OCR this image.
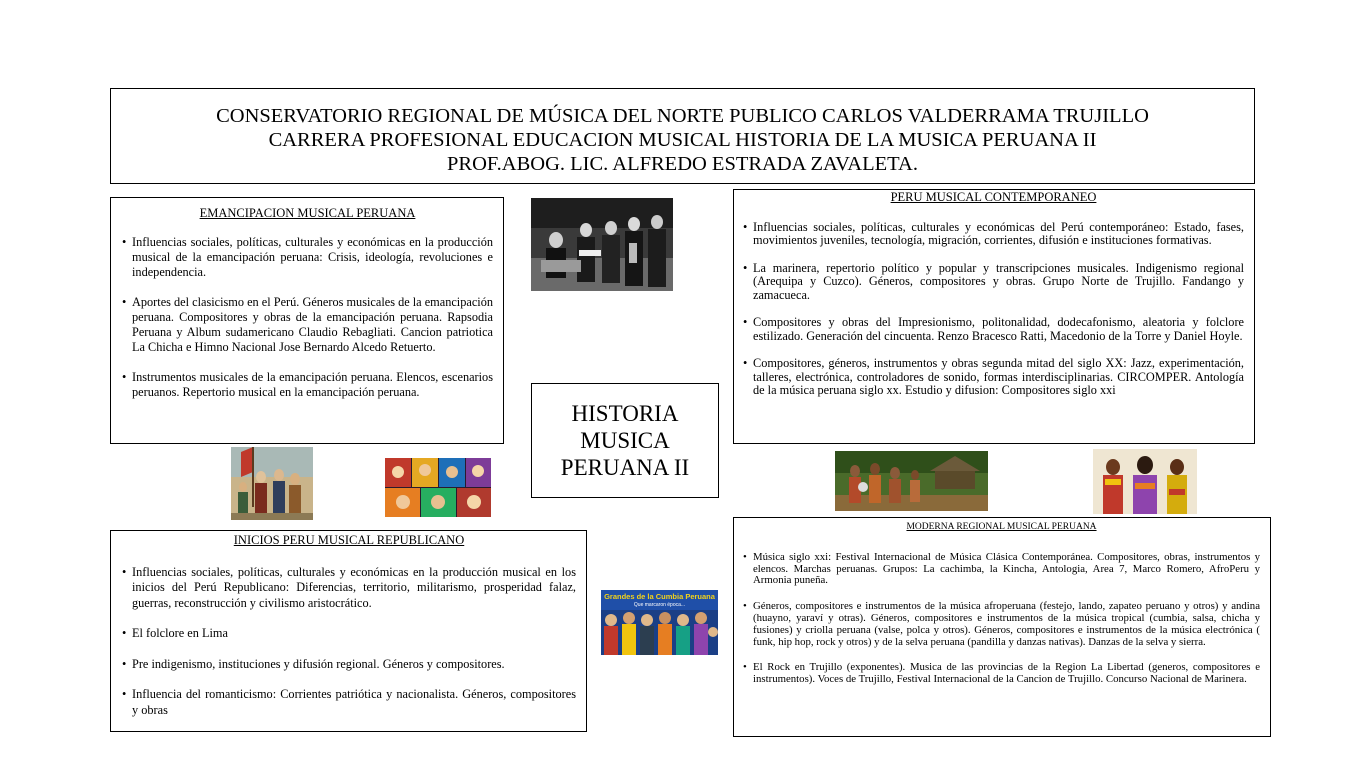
CONSERVATORIO REGIONAL DE MÚSICA DEL NORTE PUBLICO CARLOS VALDERRAMA TRUJILLO
CARRERA PROFESIONAL EDUCACION MUSICAL HISTORIA DE LA MUSICA PERUANA II
PROF.ABOG. LIC. ALFREDO ESTRADA ZAVALETA.

EMANCIPACION MUSICAL PERUANA

• Influencias sociales, políticas, culturales y económicas en la producción musical de la emancipación peruana: Crisis, ideología, revoluciones e independencia.
• Aportes del clasicismo en el Perú. Géneros musicales de la emancipación peruana. Compositores y obras de la emancipación peruana. Rapsodia Peruana y Album sudamericano Claudio Rebagliati. Cancion patriotica La Chicha e Himno Nacional Jose Bernardo Alcedo Retuerto.
• Instrumentos musicales de la emancipación peruana. Elencos, escenarios peruanos. Repertorio musical en la emancipación peruana.

PERU MUSICAL CONTEMPORANEO

• Influencias sociales, políticas, culturales y económicas del Perú contemporáneo: Estado, fases, movimientos juveniles, tecnología, migración, corrientes, difusión e instituciones formativas.
• La marinera, repertorio político y popular y transcripciones musicales. Indigenismo regional (Arequipa y Cuzco). Géneros, compositores y obras. Grupo Norte de Trujillo. Fandango y zamacueca.
• Compositores y obras del Impresionismo, politonalidad, dodecafonismo, aleatoria y folclore estilizado. Generación del cincuenta. Renzo Bracesco Ratti, Macedonio de la Torre y Daniel Hoyle.
• Compositores, géneros, instrumentos y obras segunda mitad del siglo XX: Jazz, experimentación, talleres, electrónica, controladores de sonido, formas interdisciplinarias. CIRCOMPER. Antología de la música peruana siglo xx. Estudio y difusion: Compositores siglo xxi
HISTORIA
MUSICA
PERUANA II

INICIOS PERU MUSICAL REPUBLICANO

• Influencias sociales, políticas, culturales y económicas en la producción musical en los inicios del Perú Republicano: Diferencias, territorio, militarismo, prosperidad falaz, guerras, reconstrucción y civilismo aristocrático.
• El folclore en Lima
• Pre indigenismo, instituciones y difusión regional. Géneros y compositores.
• Influencia del romanticismo: Corrientes patriótica y nacionalista. Géneros, compositores y obras
Grandes de la Cumbia Peruana
Que marcaron época...

MODERNA REGIONAL MUSICAL PERUANA

• Música siglo xxi: Festival Internacional de Música Clásica Contemporánea. Compositores, obras, instrumentos y elencos. Marchas peruanas. Grupos: La cachimba, la Kincha, Antologia, Area 7, Marco Romero, AfroPeru y Armonia puneña.
• Géneros, compositores e instrumentos de la música afroperuana (festejo, lando, zapateo peruano y otros) y andina (huayno, yaraví y otras). Géneros, compositores e instrumentos de la música tropical (cumbia, salsa, chicha y fusiones) y criolla peruana (valse, polca y otros). Géneros, compositores e instrumentos de la música electrónica ( funk, hip hop, rock y otros) y de la selva peruana (pandilla y danzas nativas). Danzas de la selva y sierra.
• El Rock en Trujillo (exponentes). Musica de las provincias de la Region La Libertad (generos, compositores e instrumentos). Voces de Trujillo, Festival Internacional de la Cancion de Trujillo. Concurso Nacional de Marinera.
